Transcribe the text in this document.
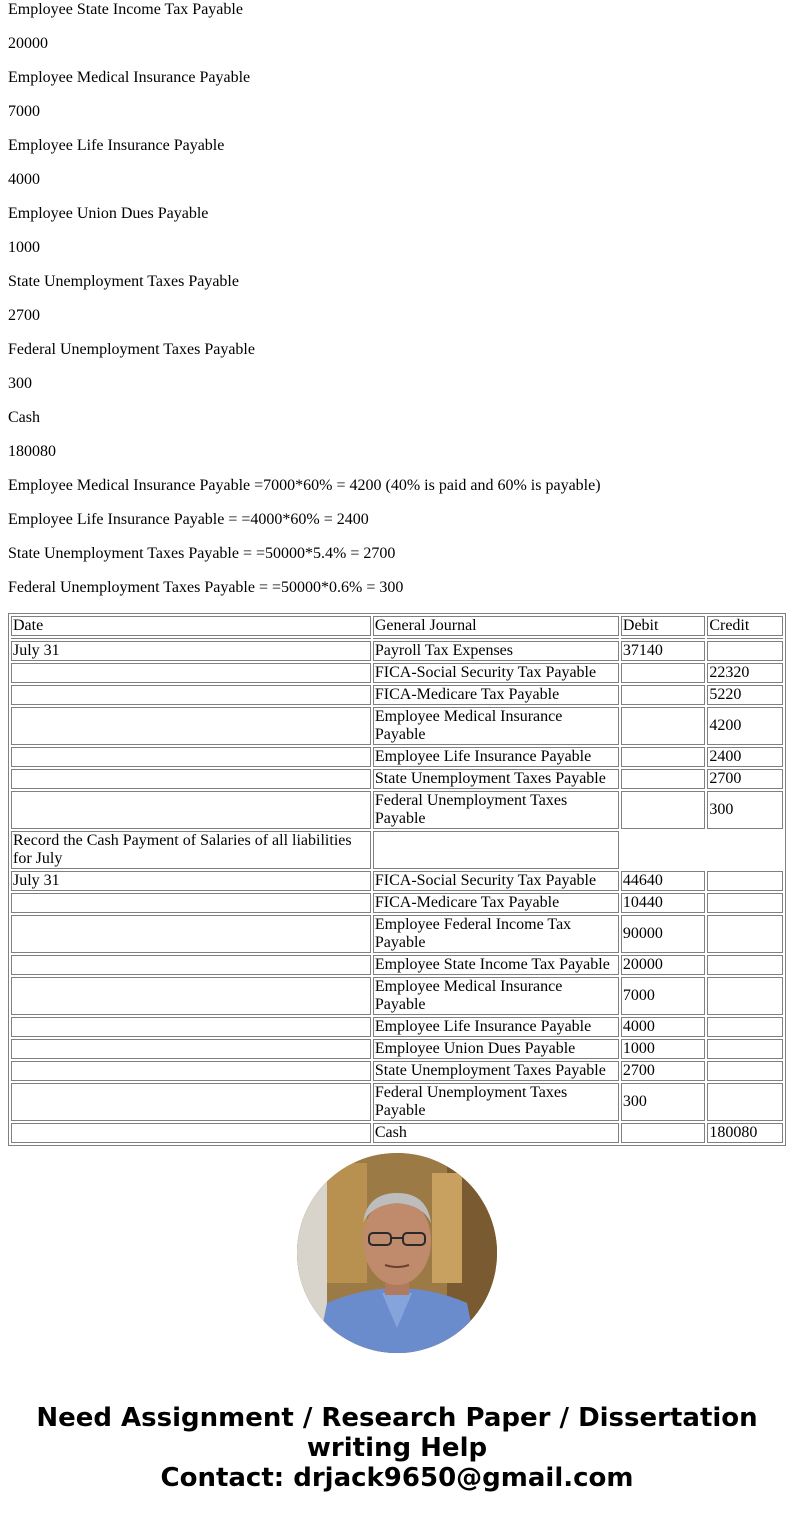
Employee State Income Tax Payable

20000

Employee Medical Insurance Payable

7000

Employee Life Insurance Payable

4000

Employee Union Dues Payable

1000

State Unemployment Taxes Payable

2700

Federal Unemployment Taxes Payable

300

Cash

180080

Employee Medical Insurance Payable =7000*60% = 4200 (40% is paid and 60% is payable)

Employee Life Insurance Payable = =4000*60% = 2400

State Unemployment Taxes Payable = =50000*5.4% = 2700

Federal Unemployment Taxes Payable = =50000*0.6% = 300

Date	General Journal	Debit	Credit

July 31	Payroll Tax Expenses	37140	
	FICA-Social Security Tax Payable		22320
	FICA-Medicare Tax Payable		5220
	Employee Medical Insurance Payable		4200
	Employee Life Insurance Payable		2400
	State Unemployment Taxes Payable		2700
	Federal Unemployment Taxes Payable		300
Record the Cash Payment of Salaries of all liabilities for July			
July 31	FICA-Social Security Tax Payable	44640	
	FICA-Medicare Tax Payable	10440	
	Employee Federal Income Tax Payable	90000	
	Employee State Income Tax Payable	20000	
	Employee Medical Insurance Payable	7000	
	Employee Life Insurance Payable	4000	
	Employee Union Dues Payable	1000	
	State Unemployment Taxes Payable	2700	
	Federal Unemployment Taxes Payable	300	
	Cash		180080
Need Assignment / Research Paper / Dissertation
writing Help
Contact: drjack9650@gmail.com
